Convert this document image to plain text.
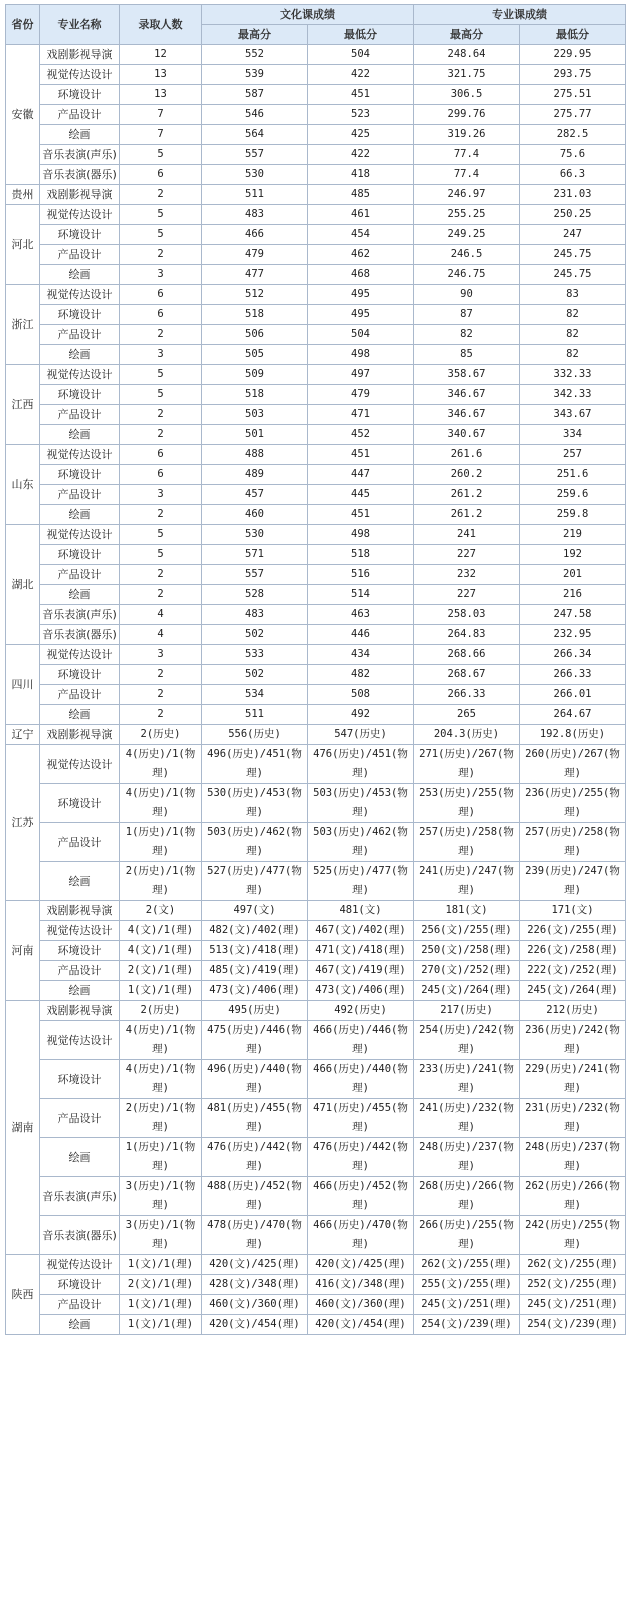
省份	专业名称	录取人数	文化课成绩		专业课成绩	
			最高分	最低分	最高分	最低分
安徽	戏剧影视导演	12	552	504	248.64	229.95
	视觉传达设计	13	539	422	321.75	293.75
	环境设计	13	587	451	306.5	275.51
	产品设计	7	546	523	299.76	275.77
	绘画	7	564	425	319.26	282.5
	音乐表演(声乐)	5	557	422	77.4	75.6
	音乐表演(器乐)	6	530	418	77.4	66.3
贵州	戏剧影视导演	2	511	485	246.97	231.03
河北	视觉传达设计	5	483	461	255.25	250.25
	环境设计	5	466	454	249.25	247
	产品设计	2	479	462	246.5	245.75
	绘画	3	477	468	246.75	245.75
浙江	视觉传达设计	6	512	495	90	83
	环境设计	6	518	495	87	82
	产品设计	2	506	504	82	82
	绘画	3	505	498	85	82
江西	视觉传达设计	5	509	497	358.67	332.33
	环境设计	5	518	479	346.67	342.33
	产品设计	2	503	471	346.67	343.67
	绘画	2	501	452	340.67	334
山东	视觉传达设计	6	488	451	261.6	257
	环境设计	6	489	447	260.2	251.6
	产品设计	3	457	445	261.2	259.6
	绘画	2	460	451	261.2	259.8
湖北	视觉传达设计	5	530	498	241	219
	环境设计	5	571	518	227	192
	产品设计	2	557	516	232	201
	绘画	2	528	514	227	216
	音乐表演(声乐)	4	483	463	258.03	247.58
	音乐表演(器乐)	4	502	446	264.83	232.95
四川	视觉传达设计	3	533	434	268.66	266.34
	环境设计	2	502	482	268.67	266.33
	产品设计	2	534	508	266.33	266.01
	绘画	2	511	492	265	264.67
辽宁	戏剧影视导演	2(历史)	556(历史)	547(历史)	204.3(历史)	192.8(历史)
江苏	视觉传达设计	4(历史)/1(物理)	496(历史)/451(物理)	476(历史)/451(物理)	271(历史)/267(物理)	260(历史)/267(物理)
	环境设计	4(历史)/1(物理)	530(历史)/453(物理)	503(历史)/453(物理)	253(历史)/255(物理)	236(历史)/255(物理)
	产品设计	1(历史)/1(物理)	503(历史)/462(物理)	503(历史)/462(物理)	257(历史)/258(物理)	257(历史)/258(物理)
	绘画	2(历史)/1(物理)	527(历史)/477(物理)	525(历史)/477(物理)	241(历史)/247(物理)	239(历史)/247(物理)
河南	戏剧影视导演	2(文)	497(文)	481(文)	181(文)	171(文)
	视觉传达设计	4(文)/1(理)	482(文)/402(理)	467(文)/402(理)	256(文)/255(理)	226(文)/255(理)
	环境设计	4(文)/1(理)	513(文)/418(理)	471(文)/418(理)	250(文)/258(理)	226(文)/258(理)
	产品设计	2(文)/1(理)	485(文)/419(理)	467(文)/419(理)	270(文)/252(理)	222(文)/252(理)
	绘画	1(文)/1(理)	473(文)/406(理)	473(文)/406(理)	245(文)/264(理)	245(文)/264(理)
湖南	戏剧影视导演	2(历史)	495(历史)	492(历史)	217(历史)	212(历史)
	视觉传达设计	4(历史)/1(物理)	475(历史)/446(物理)	466(历史)/446(物理)	254(历史)/242(物理)	236(历史)/242(物理)
	环境设计	4(历史)/1(物理)	496(历史)/440(物理)	466(历史)/440(物理)	233(历史)/241(物理)	229(历史)/241(物理)
	产品设计	2(历史)/1(物理)	481(历史)/455(物理)	471(历史)/455(物理)	241(历史)/232(物理)	231(历史)/232(物理)
	绘画	1(历史)/1(物理)	476(历史)/442(物理)	476(历史)/442(物理)	248(历史)/237(物理)	248(历史)/237(物理)
	音乐表演(声乐)	3(历史)/1(物理)	488(历史)/452(物理)	466(历史)/452(物理)	268(历史)/266(物理)	262(历史)/266(物理)
	音乐表演(器乐)	3(历史)/1(物理)	478(历史)/470(物理)	466(历史)/470(物理)	266(历史)/255(物理)	242(历史)/255(物理)
陕西	视觉传达设计	1(文)/1(理)	420(文)/425(理)	420(文)/425(理)	262(文)/255(理)	262(文)/255(理)
	环境设计	2(文)/1(理)	428(文)/348(理)	416(文)/348(理)	255(文)/255(理)	252(文)/255(理)
	产品设计	1(文)/1(理)	460(文)/360(理)	460(文)/360(理)	245(文)/251(理)	245(文)/251(理)
	绘画	1(文)/1(理)	420(文)/454(理)	420(文)/454(理)	254(文)/239(理)	254(文)/239(理)
